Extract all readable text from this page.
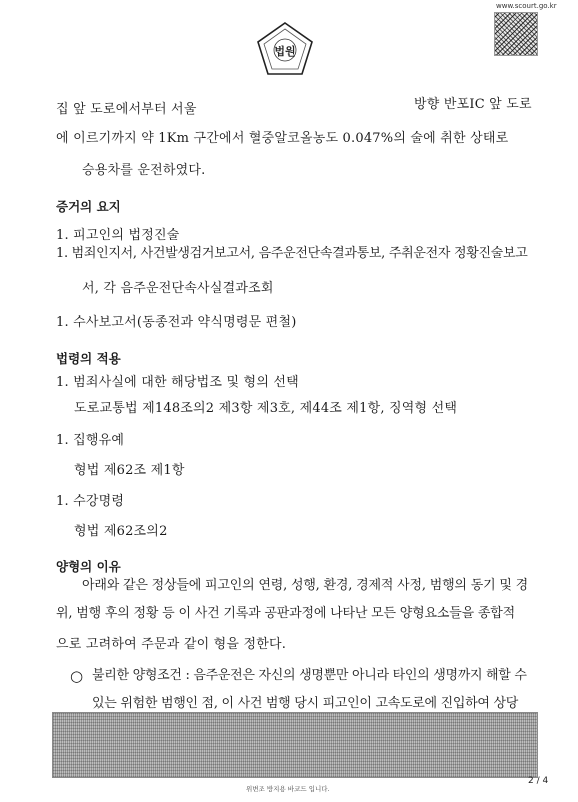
www.scourt.go.kr
법원
집 앞 도로에서부터 서울	방향 반포IC 앞 도로
에 이르기까지 약 1Km 구간에서 혈중알코올농도 0.047%의 술에 취한 상태로
승용차를 운전하였다.
증거의 요지
1. 피고인의 법정진술
1. 범죄인지서, 사건발생검거보고서, 음주운전단속결과통보, 주취운전자 정황진술보고
서, 각 음주운전단속사실결과조회
1. 수사보고서(동종전과 약식명령문 편철)
법령의 적용
1. 범죄사실에 대한 해당법조 및 형의 선택
도로교통법 제148조의2 제3항 제3호, 제44조 제1항, 징역형 선택
1. 집행유예
형법 제62조 제1항
1. 수강명령
형법 제62조의2
양형의 이유
아래와 같은 정상들에 피고인의 연령, 성행, 환경, 경제적 사정, 범행의 동기 및 경
위, 범행 후의 정황 등 이 사건 기록과 공판과정에 나타난 모든 양형요소들을 종합적
으로 고려하여 주문과 같이 형을 정한다.
○ 불리한 양형조건 : 음주운전은 자신의 생명뿐만 아니라 타인의 생명까지 해할 수
있는 위험한 범행인 점, 이 사건 범행 당시 피고인이 고속도로에 진입하여 상당
위변조 방지용 바코드 입니다.
2 / 4
